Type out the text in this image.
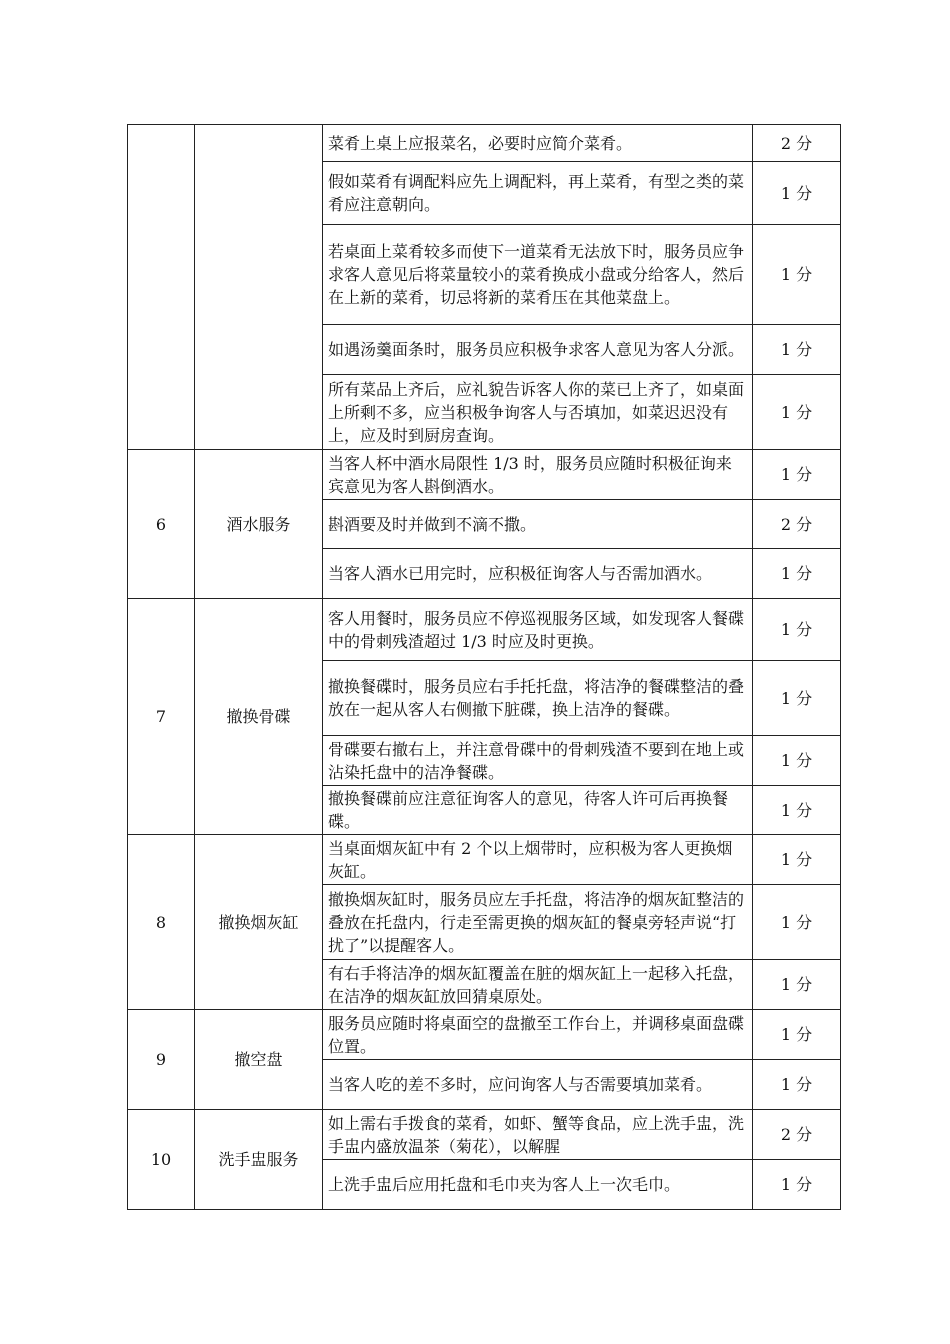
		菜肴上桌上应报菜名，必要时应简介菜肴。	2 分

		假如菜肴有调配料应先上调配料，再上菜肴，有型之类的菜肴应注意朝向。	1 分

		若桌面上菜肴较多而使下一道菜肴无法放下时，服务员应争求客人意见后将菜量较小的菜肴换成小盘或分给客人，然后在上新的菜肴，切忌将新的菜肴压在其他菜盘上。	1 分

		如遇汤羹面条时，服务员应积极争求客人意见为客人分派。	1 分

		所有菜品上齐后，应礼貌告诉客人你的菜已上齐了，如桌面上所剩不多，应当积极争询客人与否填加，如菜迟迟没有上，应及时到厨房查询。	1 分
6	酒水服务	当客人杯中酒水局限性 1/3 时，服务员应随时积极征询来宾意见为客人斟倒酒水。	1 分

		斟酒要及时并做到不滴不撒。	2 分

		当客人酒水已用完时，应积极征询客人与否需加酒水。	1 分
7	撤换骨碟	客人用餐时，服务员应不停巡视服务区域，如发现客人餐碟中的骨刺残渣超过 1/3 时应及时更换。	1 分

		撤换餐碟时，服务员应右手托托盘，将洁净的餐碟整洁的叠放在一起从客人右侧撤下脏碟，换上洁净的餐碟。	1 分

		骨碟要右撤右上，并注意骨碟中的骨刺残渣不要到在地上或沾染托盘中的洁净餐碟。	1 分

		撤换餐碟前应注意征询客人的意见，待客人许可后再换餐碟。	1 分
8	撤换烟灰缸	当桌面烟灰缸中有 2 个以上烟带时，应积极为客人更换烟灰缸。	1 分

		撤换烟灰缸时，服务员应左手托盘，将洁净的烟灰缸整洁的叠放在托盘内，行走至需更换的烟灰缸的餐桌旁轻声说“打扰了”以提醒客人。	1 分

		有右手将洁净的烟灰缸覆盖在脏的烟灰缸上一起移入托盘，在洁净的烟灰缸放回猜桌原处。	1 分
9	撤空盘	服务员应随时将桌面空的盘撤至工作台上，并调移桌面盘碟位置。	1 分

		当客人吃的差不多时，应问询客人与否需要填加菜肴。	1 分
10	洗手盅服务	如上需右手拨食的菜肴，如虾、蟹等食品，应上洗手盅，洗手盅内盛放温茶（菊花），以解腥	2 分

		上洗手盅后应用托盘和毛巾夹为客人上一次毛巾。	1 分
